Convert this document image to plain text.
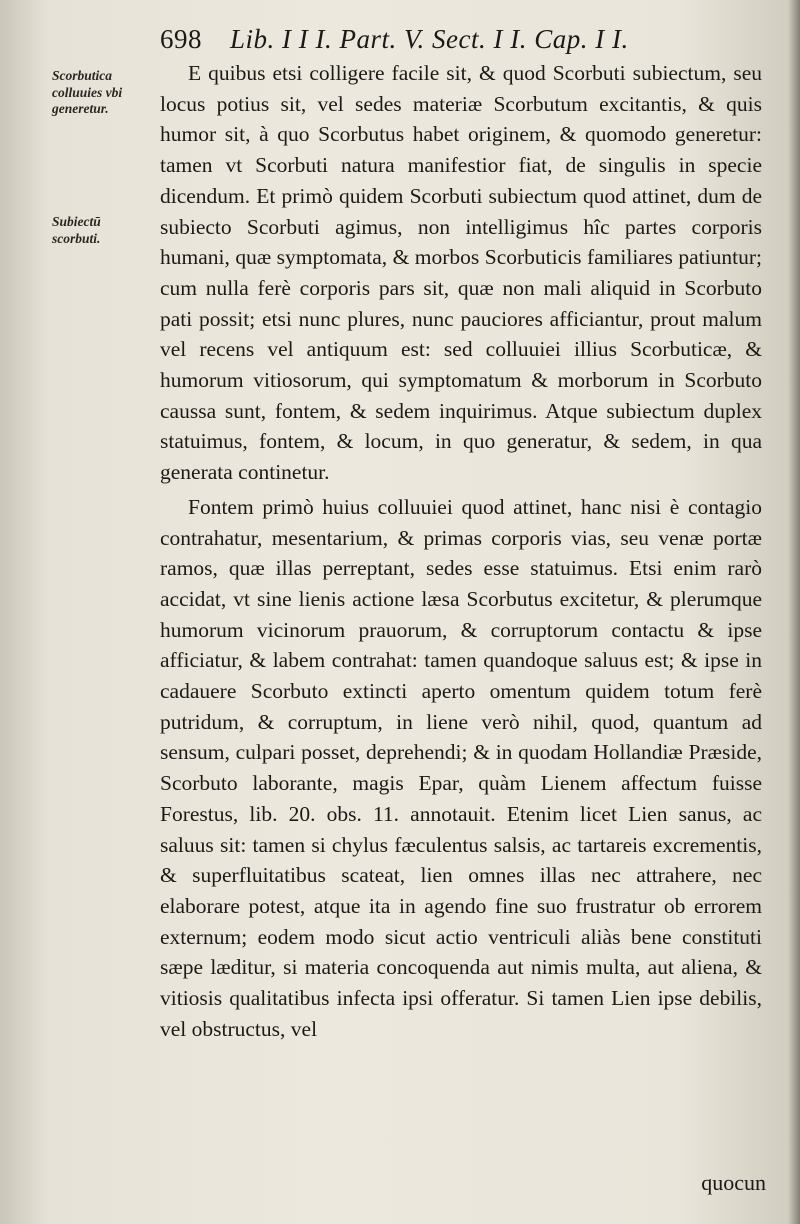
698 Lib. I I I. Part. V. Sect. I I. Cap. I I.
Scorbutica colluuies vbi generetur.
Subiectū scorbuti.

E quibus etsi colligere facile sit, & quod Scorbuti subiectum, seu locus potius sit, vel sedes materiæ Scorbutum excitantis, & quis humor sit, à quo Scorbutus habet originem, & quomodo generetur: tamen vt Scorbuti natura manifestior fiat, de singulis in specie dicendum. Et primò quidem Scorbuti subiectum quod attinet, dum de subiecto Scorbuti agimus, non intelligimus hîc partes corporis humani, quæ symptomata, & morbos Scorbuticis familiares patiuntur; cum nulla ferè corporis pars sit, quæ non mali aliquid in Scorbuto pati possit; etsi nunc plures, nunc pauciores afficiantur, prout malum vel recens vel antiquum est: sed colluuiei illius Scorbuticæ, & humorum vitiosorum, qui symptomatum & morborum in Scorbuto caussa sunt, fontem, & sedem inquirimus. Atque subiectum duplex statuimus, fontem, & locum, in quo generatur, & sedem, in qua generata continetur.

Fontem primò huius colluuiei quod attinet, hanc nisi è contagio contrahatur, mesentarium, & primas corporis vias, seu venæ portæ ramos, quæ illas perreptant, sedes esse statuimus. Etsi enim rarò accidat, vt sine lienis actione læsa Scorbutus excitetur, & plerumque humorum vicinorum prauorum, & corruptorum contactu & ipse afficiatur, & labem contrahat: tamen quandoque saluus est; & ipse in cadauere Scorbuto extincti aperto omentum quidem totum ferè putridum, & corruptum, in liene verò nihil, quod, quantum ad sensum, culpari posset, deprehendi; & in quodam Hollandiæ Præside, Scorbuto laborante, magis Epar, quàm Lienem affectum fuisse Forestus, lib. 20. obs. 11. annotauit. Etenim licet Lien sanus, ac saluus sit: tamen si chylus fæculentus salsis, ac tartareis excrementis, & superfluitatibus scateat, lien omnes illas nec attrahere, nec elaborare potest, atque ita in agendo fine suo frustratur ob errorem externum; eodem modo sicut actio ventriculi aliàs bene constituti sæpe læditur, si materia concoquenda aut nimis multa, aut aliena, & vitiosis qualitatibus infecta ipsi offeratur. Si tamen Lien ipse debilis, vel obstructus, vel

quocun
